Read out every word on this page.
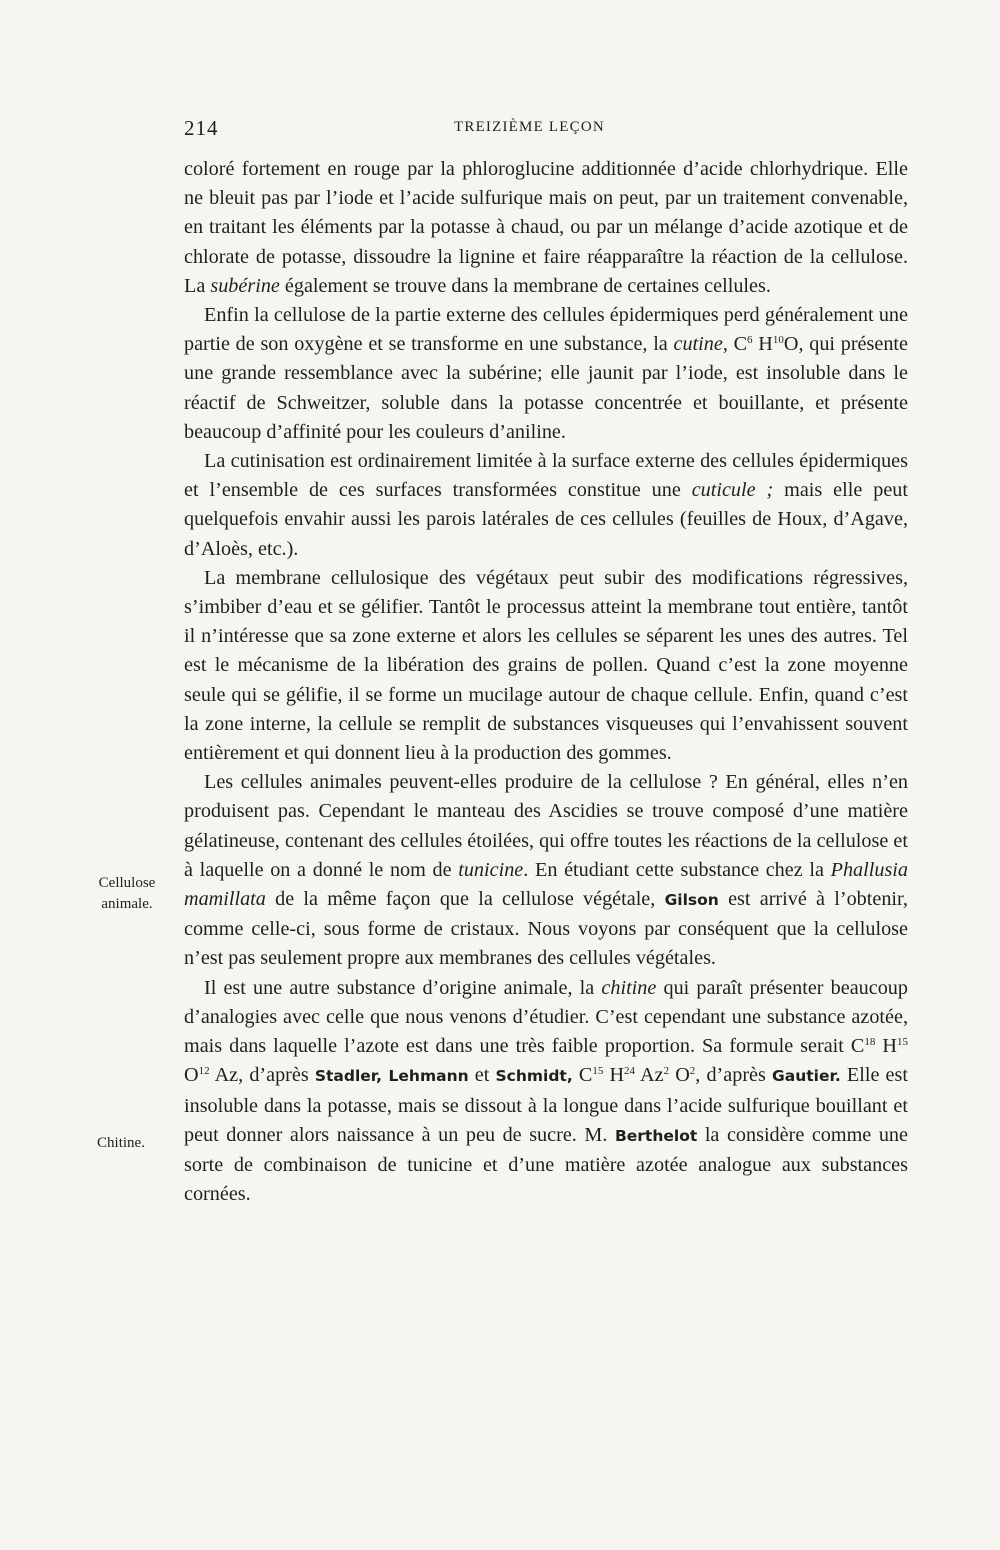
214	TREIZIÈME LEÇON
Cellulose
animale.
Chitine.

coloré fortement en rouge par la phloroglucine additionnée d’acide chlorhydrique. Elle ne bleuit pas par l’iode et l’acide sulfurique mais on peut, par un traitement convenable, en traitant les éléments par la potasse à chaud, ou par un mélange d’acide azotique et de chlorate de potasse, dissoudre la lignine et faire réapparaître la réaction de la cellulose. La subérine également se trouve dans la membrane de certaines cellules.

Enfin la cellulose de la partie externe des cellules épidermiques perd généralement une partie de son oxygène et se transforme en une substance, la cutine, $C^6$ $H^{10}O$, qui présente une grande ressemblance avec la subérine; elle jaunit par l’iode, est insoluble dans le réactif de Schweitzer, soluble dans la potasse concentrée et bouillante, et présente beaucoup d’affinité pour les couleurs d’aniline.

La cutinisation est ordinairement limitée à la surface externe des cellules épidermiques et l’ensemble de ces surfaces transformées constitue une cuticule ; mais elle peut quelquefois envahir aussi les parois latérales de ces cellules (feuilles de Houx, d’Agave, d’Aloès, etc.).

La membrane cellulosique des végétaux peut subir des modifications régressives, s’imbiber d’eau et se gélifier. Tantôt le processus atteint la membrane tout entière, tantôt il n’intéresse que sa zone externe et alors les cellules se séparent les unes des autres. Tel est le mécanisme de la libération des grains de pollen. Quand c’est la zone moyenne seule qui se gélifie, il se forme un mucilage autour de chaque cellule. Enfin, quand c’est la zone interne, la cellule se remplit de substances visqueuses qui l’envahissent souvent entièrement et qui donnent lieu à la production des gommes.

Les cellules animales peuvent-elles produire de la cellulose ? En général, elles n’en produisent pas. Cependant le manteau des Ascidies se trouve composé d’une matière gélatineuse, contenant des cellules étoilées, qui offre toutes les réactions de la cellulose et à laquelle on a donné le nom de tunicine. En étudiant cette substance chez la Phallusia mamillata de la même façon que la cellulose végétale, Gilson est arrivé à l’obtenir, comme celle-ci, sous forme de cristaux. Nous voyons par conséquent que la cellulose n’est pas seulement propre aux membranes des cellules végétales.

Il est une autre substance d’origine animale, la chitine qui paraît présenter beaucoup d’analogies avec celle que nous venons d’étudier. C’est cependant une substance azotée, mais dans laquelle l’azote est dans une très faible proportion. Sa formule serait $C^{18}$ $H^{15}$ $O^{12}$ Az, d’après Stadler, Lehmann et Schmidt, $C^{15}$ $H^{24}$ Az$^2$ $O^2$, d’après Gautier. Elle est insoluble dans la potasse, mais se dissout à la longue dans l’acide sulfurique bouillant et peut donner alors naissance à un peu de sucre. M. Berthelot la considère comme une sorte de combinaison de tunicine et d’une matière azotée analogue aux substances cornées.
